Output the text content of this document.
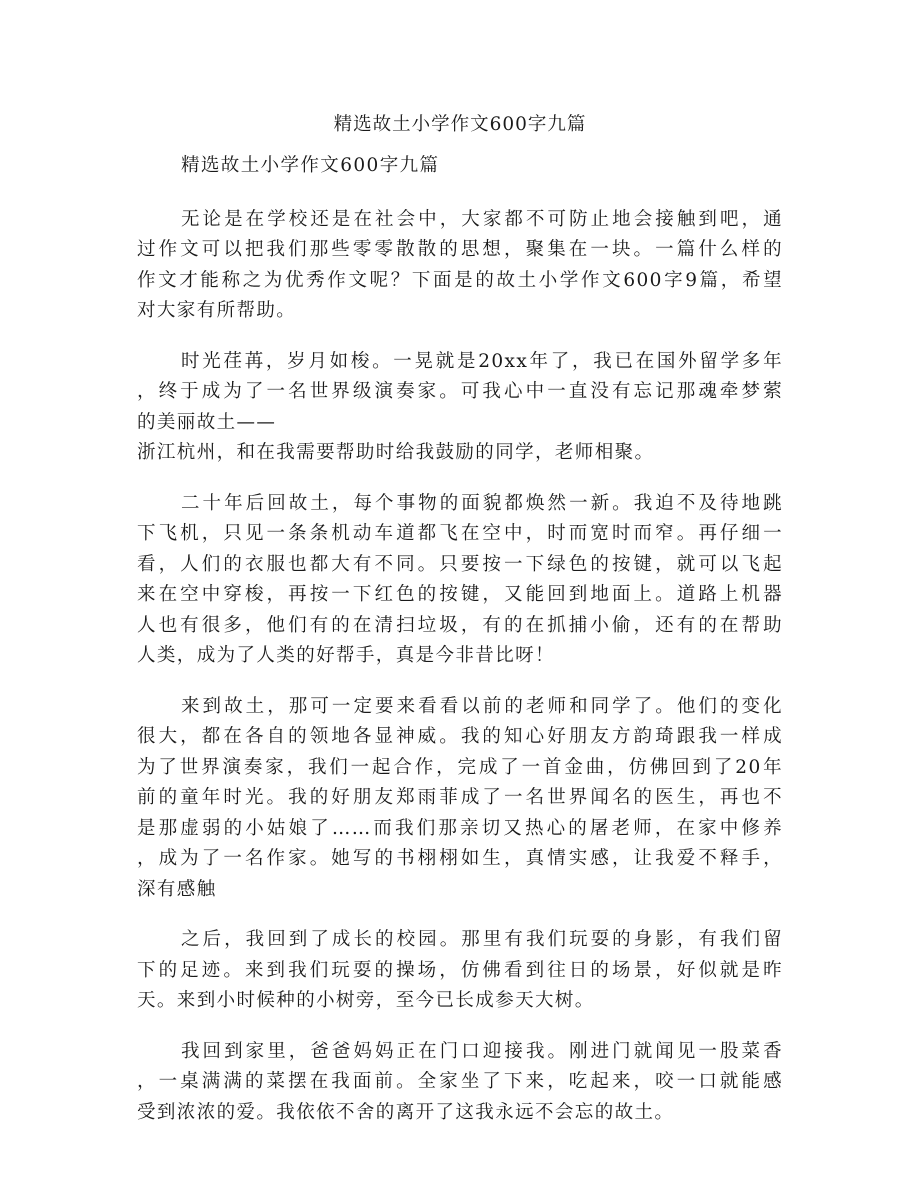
精选故土小学作文600字九篇
精选故土小学作文600字九篇
无论是在学校还是在社会中，大家都不可防止地会接触到吧，通
过作文可以把我们那些零零散散的思想，聚集在一块。一篇什么样的
作文才能称之为优秀作文呢？下面是的故土小学作文600字9篇，希望
对大家有所帮助。
时光荏苒，岁月如梭。一晃就是20xx年了，我已在国外留学多年
，终于成为了一名世界级演奏家。可我心中一直没有忘记那魂牵梦萦
的美丽故土——
浙江杭州，和在我需要帮助时给我鼓励的同学，老师相聚。
二十年后回故土，每个事物的面貌都焕然一新。我迫不及待地跳
下飞机，只见一条条机动车道都飞在空中，时而宽时而窄。再仔细一
看，人们的衣服也都大有不同。只要按一下绿色的按键，就可以飞起
来在空中穿梭，再按一下红色的按键，又能回到地面上。道路上机器
人也有很多，他们有的在清扫垃圾，有的在抓捕小偷，还有的在帮助
人类，成为了人类的好帮手，真是今非昔比呀！
来到故土，那可一定要来看看以前的老师和同学了。他们的变化
很大，都在各自的领地各显神威。我的知心好朋友方韵琦跟我一样成
为了世界演奏家，我们一起合作，完成了一首金曲，仿佛回到了20年
前的童年时光。我的好朋友郑雨菲成了一名世界闻名的医生，再也不
是那虚弱的小姑娘了……而我们那亲切又热心的屠老师，在家中修养
，成为了一名作家。她写的书栩栩如生，真情实感，让我爱不释手，
深有感触
之后，我回到了成长的校园。那里有我们玩耍的身影，有我们留
下的足迹。来到我们玩耍的操场，仿佛看到往日的场景，好似就是昨
天。来到小时候种的小树旁，至今已长成参天大树。
我回到家里，爸爸妈妈正在门口迎接我。刚进门就闻见一股菜香
，一桌满满的菜摆在我面前。全家坐了下来，吃起来，咬一口就能感
受到浓浓的爱。我依依不舍的离开了这我永远不会忘的故土。
